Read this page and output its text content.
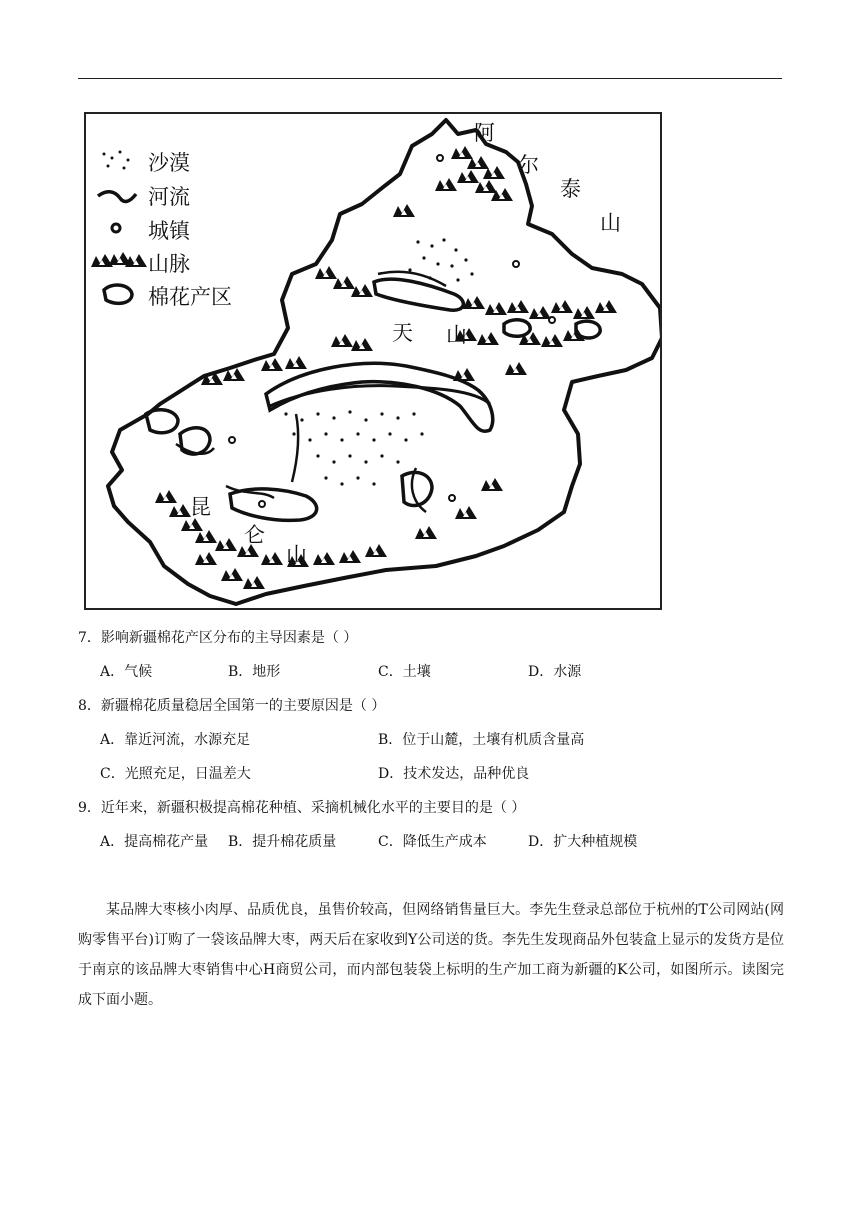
阿
尔
泰
山
天 山
昆
仑
山
沙漠
河流
城镇
山脉
棉花产区
7．影响新疆棉花产区分布的主导因素是（ ）
A．气候	B．地形	C．土壤	D．水源
8．新疆棉花质量稳居全国第一的主要原因是（ ）
A．靠近河流，水源充足	B．位于山麓，土壤有机质含量高
C．光照充足，日温差大	D．技术发达，品种优良
9．近年来，新疆积极提高棉花种植、采摘机械化水平的主要目的是（ ）
A．提高棉花产量 B．提升棉花质量	C．降低生产成本	D．扩大种植规模
某品牌大枣核小肉厚、品质优良，虽售价较高，但网络销售量巨大。李先生登录总部位于杭州的T公司网站(网购零售平台)订购了一袋该品牌大枣，两天后在家收到Y公司送的货。李先生发现商品外包装盒上显示的发货方是位于南京的该品牌大枣销售中心H商贸公司，而内部包装袋上标明的生产加工商为新疆的K公司，如图所示。读图完成下面小题。
